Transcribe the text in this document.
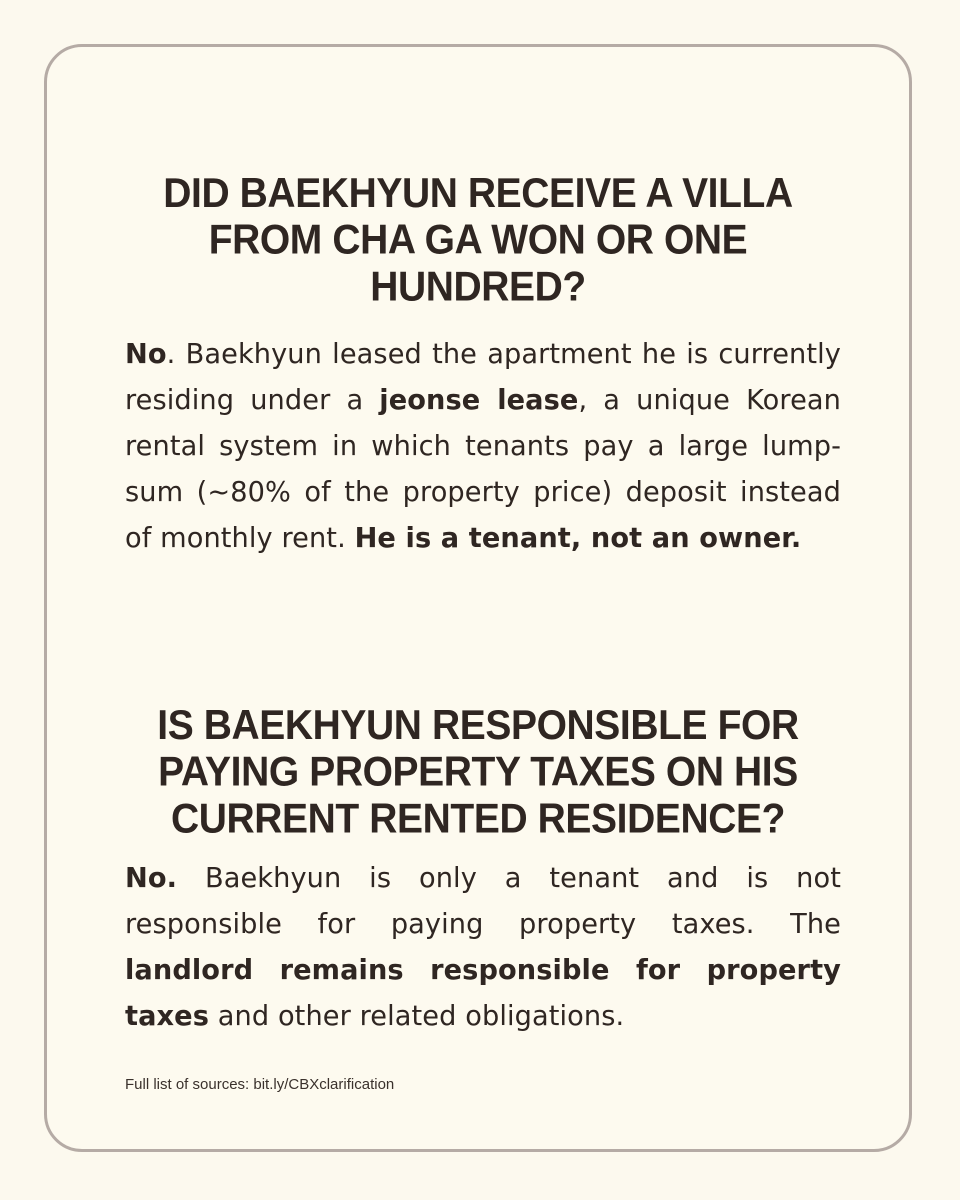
DID BAEKHYUN RECEIVE A VILLA
FROM CHA GA WON OR ONE
HUNDRED?

No. Baekhyun leased the apartment he is currently residing under a jeonse lease, a unique Korean rental system in which tenants pay a large lump-sum (~80% of the property price) deposit instead of monthly rent. He is a tenant, not an owner.

IS BAEKHYUN RESPONSIBLE FOR
PAYING PROPERTY TAXES ON HIS
CURRENT RENTED RESIDENCE?

No. Baekhyun is only a tenant and is not responsible for paying property taxes. The landlord remains responsible for property taxes and other related obligations.

Full list of sources: bit.ly/CBXclarification
